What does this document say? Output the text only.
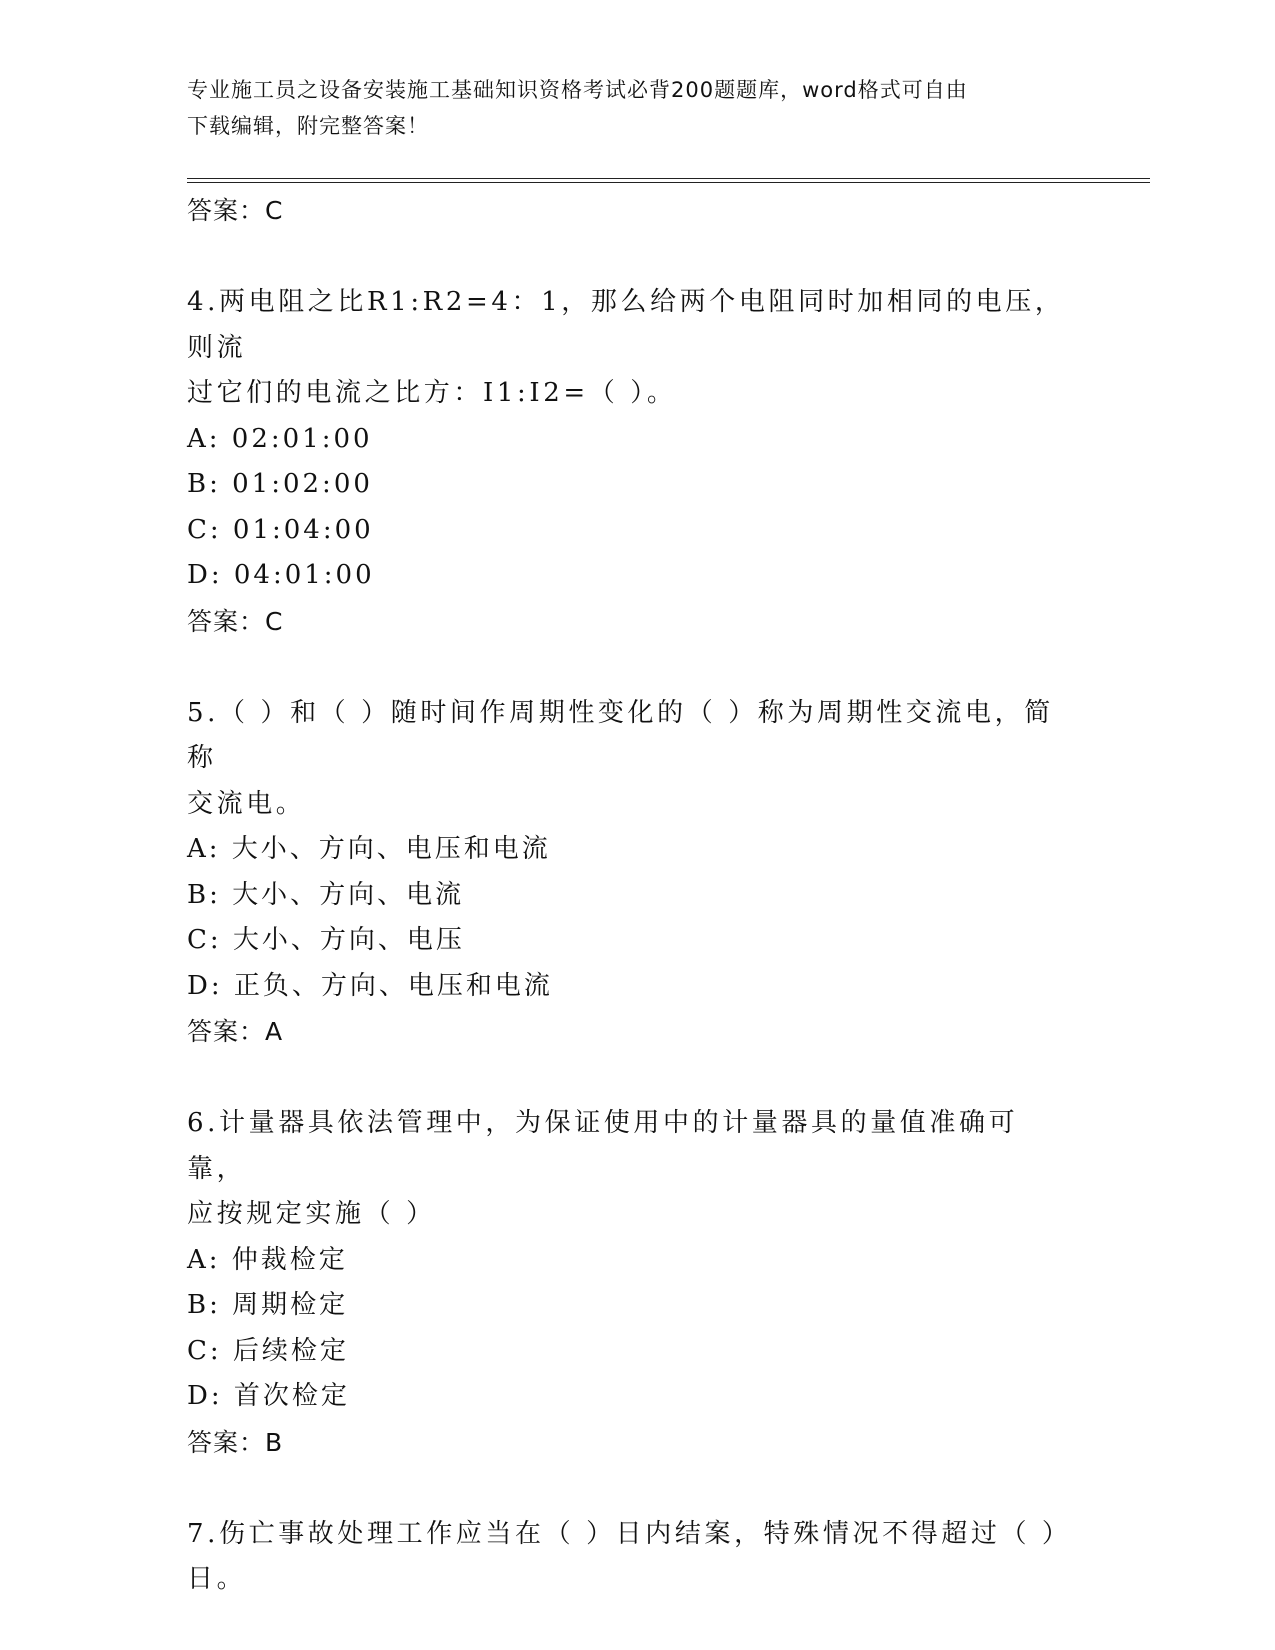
专业施工员之设备安装施工基础知识资格考试必背200题题库，word格式可自由
下载编辑，附完整答案！
答案：C
4.两电阻之比R1:R2=4：1，那么给两个电阻同时加相同的电压，则流
过它们的电流之比方：I1:I2=（ ）。
A: 02:01:00
B: 01:02:00
C: 01:04:00
D: 04:01:00
答案：C
5.（ ）和（ ）随时间作周期性变化的（ ）称为周期性交流电，简称
交流电。
A: 大小、方向、电压和电流
B: 大小、方向、电流
C: 大小、方向、电压
D: 正负、方向、电压和电流
答案：A
6.计量器具依法管理中，为保证使用中的计量器具的量值准确可靠，
应按规定实施（ ）
A: 仲裁检定
B: 周期检定
C: 后续检定
D: 首次检定
答案：B
7.伤亡事故处理工作应当在（ ）日内结案，特殊情况不得超过（ ）
日。
